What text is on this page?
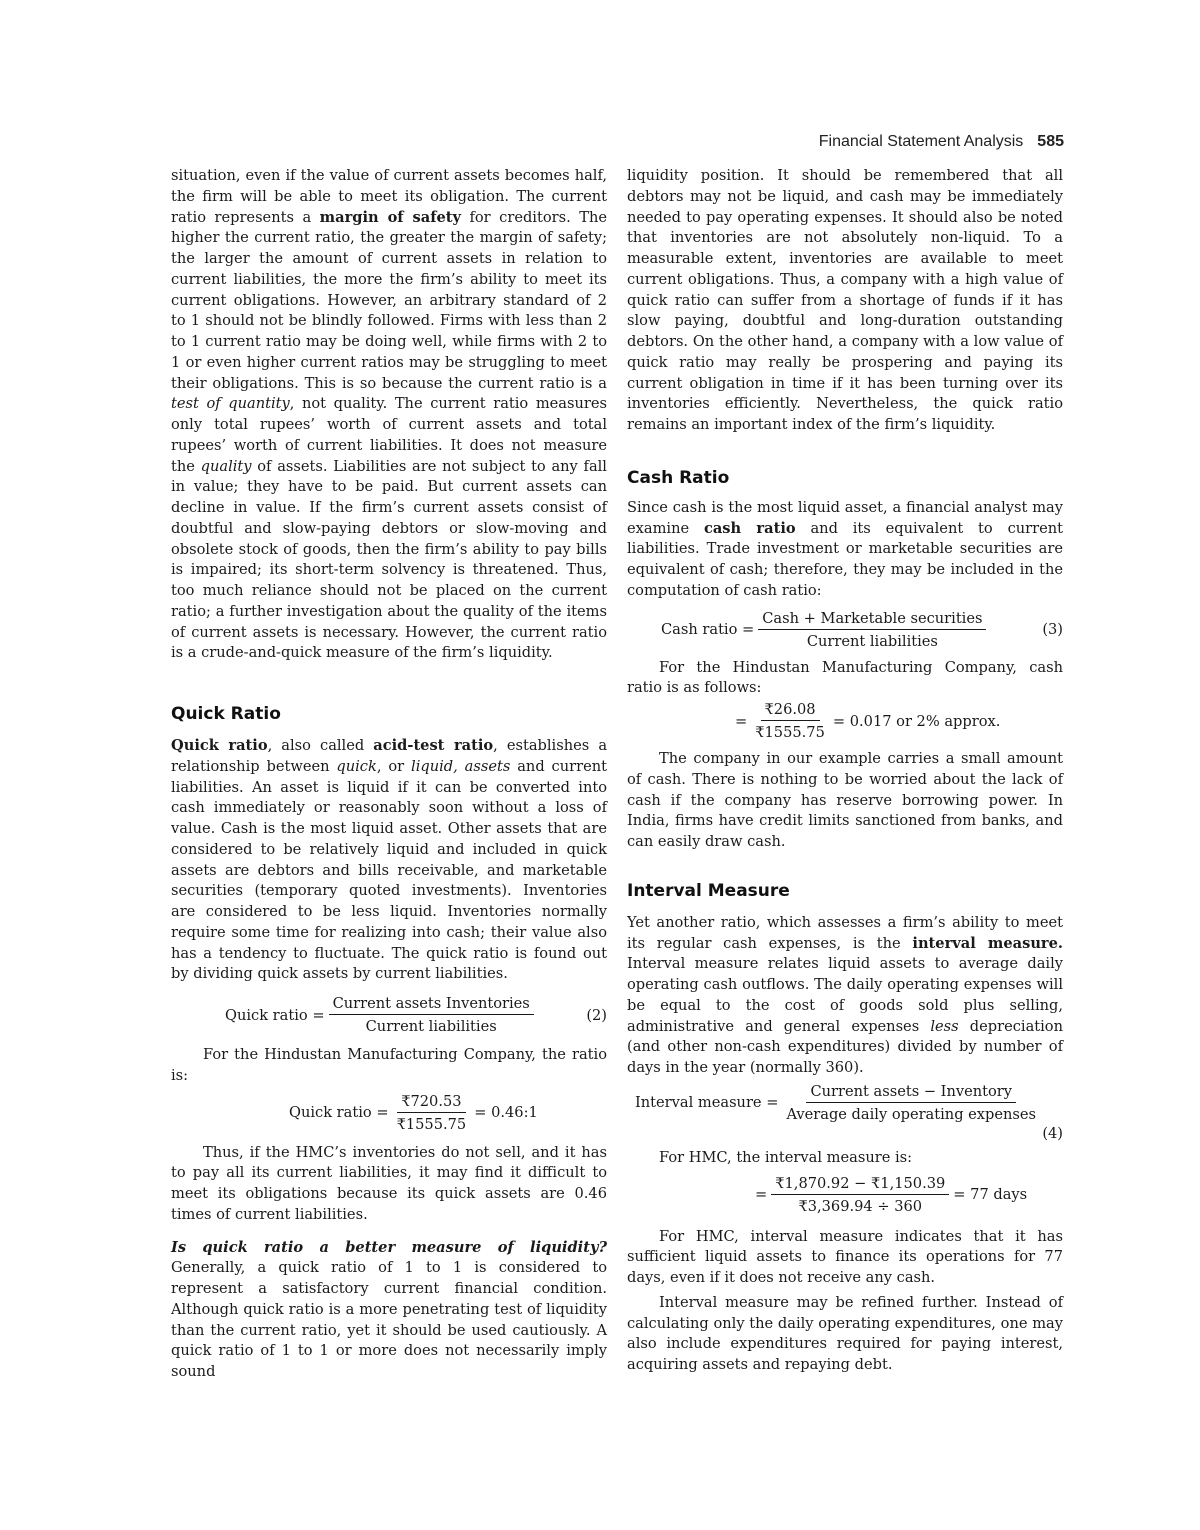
Financial Statement Analysis 585

situation, even if the value of current assets becomes half, the firm will be able to meet its obligation. The current ratio represents a margin of safety for creditors. The higher the current ratio, the greater the margin of safety; the larger the amount of current assets in relation to current liabilities, the more the firm’s ability to meet its current obligations. However, an arbitrary standard of 2 to 1 should not be blindly followed. Firms with less than 2 to 1 current ratio may be doing well, while firms with 2 to 1 or even higher current ratios may be struggling to meet their obligations. This is so because the current ratio is a test of quantity, not quality. The current ratio measures only total rupees’ worth of current assets and total rupees’ worth of current liabilities. It does not measure the quality of assets. Liabilities are not subject to any fall in value; they have to be paid. But current assets can decline in value. If the firm’s current assets consist of doubtful and slow-paying debtors or slow-moving and obsolete stock of goods, then the firm’s ability to pay bills is impaired; its short-term solvency is threatened. Thus, too much reliance should not be placed on the current ratio; a further investigation about the quality of the items of current assets is necessary. However, the current ratio is a crude-and-quick measure of the firm’s liquidity.

Quick Ratio

Quick ratio, also called acid-test ratio, establishes a relationship between quick, or liquid, assets and current liabilities. An asset is liquid if it can be converted into cash immediately or reasonably soon without a loss of value. Cash is the most liquid asset. Other assets that are considered to be relatively liquid and included in quick assets are debtors and bills receivable, and marketable securities (temporary quoted investments). Inventories are considered to be less liquid. Inventories normally require some time for realizing into cash; their value also has a tendency to fluctuate. The quick ratio is found out by dividing quick assets by current liabilities.

Quick ratio = $\frac{\text{Current assets Inventories}}{\text{Current liabilities}}$	(2)

For the Hindustan Manufacturing Company, the ratio is:

Quick ratio = $\frac{₹720.53}{₹1555.75}$ = 0.46:1

Thus, if the HMC’s inventories do not sell, and it has to pay all its current liabilities, it may find it difficult to meet its obligations because its quick assets are 0.46 times of current liabilities.

Is quick ratio a better measure of liquidity? Generally, a quick ratio of 1 to 1 is considered to represent a satisfactory current financial condition. Although quick ratio is a more penetrating test of liquidity than the current ratio, yet it should be used cautiously. A quick ratio of 1 to 1 or more does not necessarily imply sound

liquidity position. It should be remembered that all debtors may not be liquid, and cash may be immediately needed to pay operating expenses. It should also be noted that inventories are not absolutely non-liquid. To a measurable extent, inventories are available to meet current obligations. Thus, a company with a high value of quick ratio can suffer from a shortage of funds if it has slow paying, doubtful and long-duration outstanding debtors. On the other hand, a company with a low value of quick ratio may really be prospering and paying its current obligation in time if it has been turning over its inventories efficiently. Nevertheless, the quick ratio remains an important index of the firm’s liquidity.

Cash Ratio

Since cash is the most liquid asset, a financial analyst may examine cash ratio and its equivalent to current liabilities. Trade investment or marketable securities are equivalent of cash; therefore, they may be included in the computation of cash ratio:

Cash ratio = $\frac{\text{Cash + Marketable securities}}{\text{Current liabilities}}$	(3)

For the Hindustan Manufacturing Company, cash ratio is as follows:

= $\frac{₹26.08}{₹1555.75} = 0.017$ or 2% approx.

The company in our example carries a small amount of cash. There is nothing to be worried about the lack of cash if the company has reserve borrowing power. In India, firms have credit limits sanctioned from banks, and can easily draw cash.

Interval Measure

Yet another ratio, which assesses a firm’s ability to meet its regular cash expenses, is the interval measure. Interval measure relates liquid assets to average daily operating cash outflows. The daily operating expenses will be equal to the cost of goods sold plus selling, administrative and general expenses less depreciation (and other non-cash expenditures) divided by number of days in the year (normally 360).

Interval measure = $\frac{\text{Current assets − Inventory}}{\text{Average daily operating expenses}}$
(4)

For HMC, the interval measure is:

= $\frac{₹1,870.92 - ₹1,150.39}{₹3,369.94 \div 360} = 77$ days

For HMC, interval measure indicates that it has sufficient liquid assets to finance its operations for 77 days, even if it does not receive any cash.

Interval measure may be refined further. Instead of calculating only the daily operating expenditures, one may also include expenditures required for paying interest, acquiring assets and repaying debt.
